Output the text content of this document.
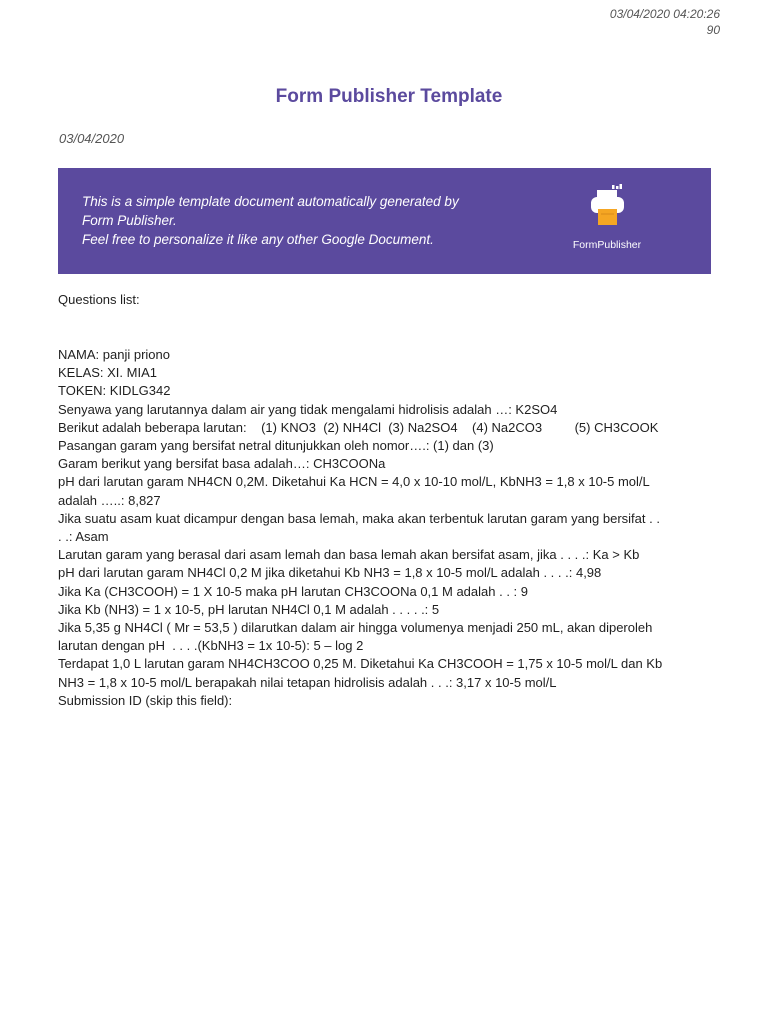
03/04/2020 04:20:26
90
Form Publisher Template
03/04/2020
This is a simple template document automatically generated by
Form Publisher.
Feel free to personalize it like any other Google Document.	FormPublisher
Questions list:
NAMA: panji priono
KELAS: XI. MIA1
TOKEN: KIDLG342
Senyawa yang larutannya dalam air yang tidak mengalami hidrolisis adalah …: K2SO4
Berikut adalah beberapa larutan:    (1) KNO3  (2) NH4Cl  (3) Na2SO4    (4) Na2CO3         (5) CH3COOK
Pasangan garam yang bersifat netral ditunjukkan oleh nomor….: (1) dan (3)
Garam berikut yang bersifat basa adalah…: CH3COONa
pH dari larutan garam NH4CN 0,2M. Diketahui Ka HCN = 4,0 x 10-10 mol/L, KbNH3 = 1,8 x 10-5 mol/L
adalah …..: 8,827
Jika suatu asam kuat dicampur dengan basa lemah, maka akan terbentuk larutan garam yang bersifat . .
. .: Asam
Larutan garam yang berasal dari asam lemah dan basa lemah akan bersifat asam, jika . . . .: Ka > Kb
pH dari larutan garam NH4Cl 0,2 M jika diketahui Kb NH3 = 1,8 x 10-5 mol/L adalah . . . .: 4,98
Jika Ka (CH3COOH) = 1 X 10-5 maka pH larutan CH3COONa 0,1 M adalah . . : 9
Jika Kb (NH3) = 1 x 10-5, pH larutan NH4Cl 0,1 M adalah . . . . .: 5
Jika 5,35 g NH4Cl ( Mr = 53,5 ) dilarutkan dalam air hingga volumenya menjadi 250 mL, akan diperoleh
larutan dengan pH  . . . .(KbNH3 = 1x 10-5): 5 – log 2
Terdapat 1,0 L larutan garam NH4CH3COO 0,25 M. Diketahui Ka CH3COOH = 1,75 x 10-5 mol/L dan Kb
NH3 = 1,8 x 10-5 mol/L berapakah nilai tetapan hidrolisis adalah . . .: 3,17 x 10-5 mol/L
Submission ID (skip this field):
